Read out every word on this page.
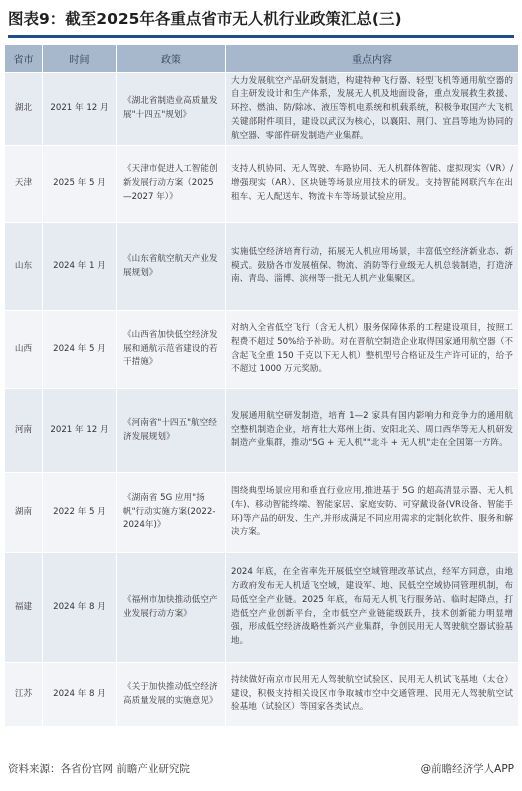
图表9：截至2025年各重点省市无人机行业政策汇总(三)
省市	时间	政策	重点内容
湖北	2021 年 12 月	《湖北省制造业高质量发展"十四五"规划》	大力发展航空产品研发制造，构建特种飞行器、轻型飞机等通用航空器的自主研发设计和生产体系，发展无人机及地面设备，重点发展救生救援、环控、燃油、防/除冰、液压等机电系统和机载系统，积极争取国产大飞机关键部附件项目，建设以武汉为核心，以襄阳、荆门、宜昌等地为协同的航空器、零部件研发制造产业集群。
天津	2025 年 5 月	《天津市促进人工智能创新发展行动方案（2025—2027 年）》	支持人机协同、无人驾驶、车路协同、无人机群体智能、虚拟现实（VR）/ 增强现实（AR）、区块链等场景应用技术的研发。支持智能网联汽车在出租车、无人配送车、物流卡车等场景试验应用。
山东	2024 年 1 月	《山东省航空航天产业发展规划》	实施低空经济培育行动，拓展无人机应用场景，丰富低空经济新业态、新模式。鼓励各市发展植保、物流、消防等行业级无人机总装制造，打造济南、青岛、淄博、滨州等一批无人机产业集聚区。
山西	2024 年 5 月	《山西省加快低空经济发展和通航示范省建设的若干措施》	对纳入全省低空飞行（含无人机）服务保障体系的工程建设项目，按照工程费不超过 50%给予补助。对在晋航空制造企业取得国家通用航空器（不含起飞全重 150 千克以下无人机）整机型号合格证及生产许可证的，给予不超过 1000 万元奖励。
河南	2021 年 12 月	《河南省"十四五"航空经济发展规划》	发展通用航空研发制造，培育 1—2 家具有国内影响力和竞争力的通用航空整机制造企业，培育壮大郑州上街、安阳北关、周口西华等无人机研发制造产业集群，推动"5G + 无人机""北斗 + 无人机"走在全国第一方阵。
湖南	2022 年 5 月	《湖南省 5G 应用"扬帆"行动实施方案(2022-2024年)》	围绕典型场景应用和垂直行业应用,推进基于 5G 的超高清显示器、无人机(车)、移动智能终端、智能家居、家庭安防、可穿戴设备(VR设备、智能手环)等产品的研发、生产,并形成满足不同应用需求的定制化软件、服务和解决方案。
福建	2024 年 8 月	《福州市加快推动低空产业发展行动方案》	2024 年底，在全省率先开展低空空域管理改革试点，经军方同意，由地方政府发布无人机适飞空域，建设军、地、民低空空域协同管理机制，布局低空全产业链。2025 年底，布局无人机飞行服务站、临时起降点，打造低空产业创新平台，全市低空产业链能级跃升，技术创新能力明显增强，形成低空经济战略性新兴产业集群，争创民用无人驾驶航空器试验基地。
江苏	2024 年 8 月	《关于加快推动低空经济高质量发展的实施意见》	持续做好南京市民用无人驾驶航空试验区、民用无人机试飞基地（太仓）建设，积极支持相关设区市争取城市空中交通管理、民用无人驾驶航空试验基地（试验区）等国家各类试点。
资料来源：各省份官网 前瞻产业研究院	@前瞻经济学人APP
